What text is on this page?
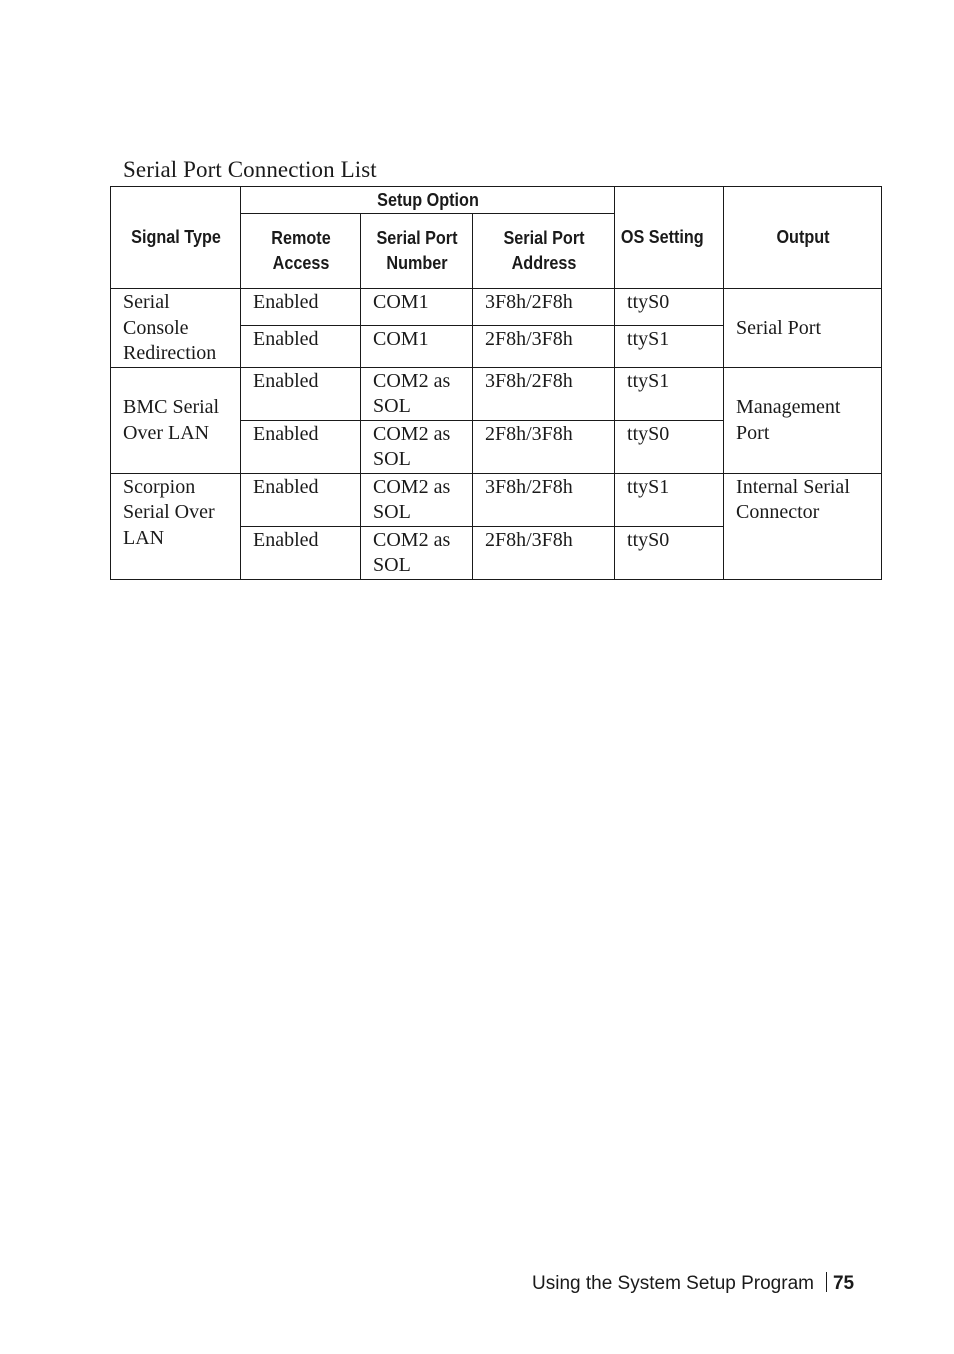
Serial Port Connection List
Signal Type	Setup Option			OS Setting	Output
	Remote Access	Serial Port Number	Serial Port Address		
Serial Console Redirection	Enabled	COM1	3F8h/2F8h	ttyS0	Serial Port
	Enabled	COM1	2F8h/3F8h	ttyS1	
BMC Serial Over LAN	Enabled	COM2 as SOL	3F8h/2F8h	ttyS1	Management Port
	Enabled	COM2 as SOL	2F8h/3F8h	ttyS0	
Scorpion Serial Over LAN	Enabled	COM2 as SOL	3F8h/2F8h	ttyS1	Internal Serial Connector
	Enabled	COM2 as SOL	2F8h/3F8h	ttyS0	
Using the System Setup Program 75
